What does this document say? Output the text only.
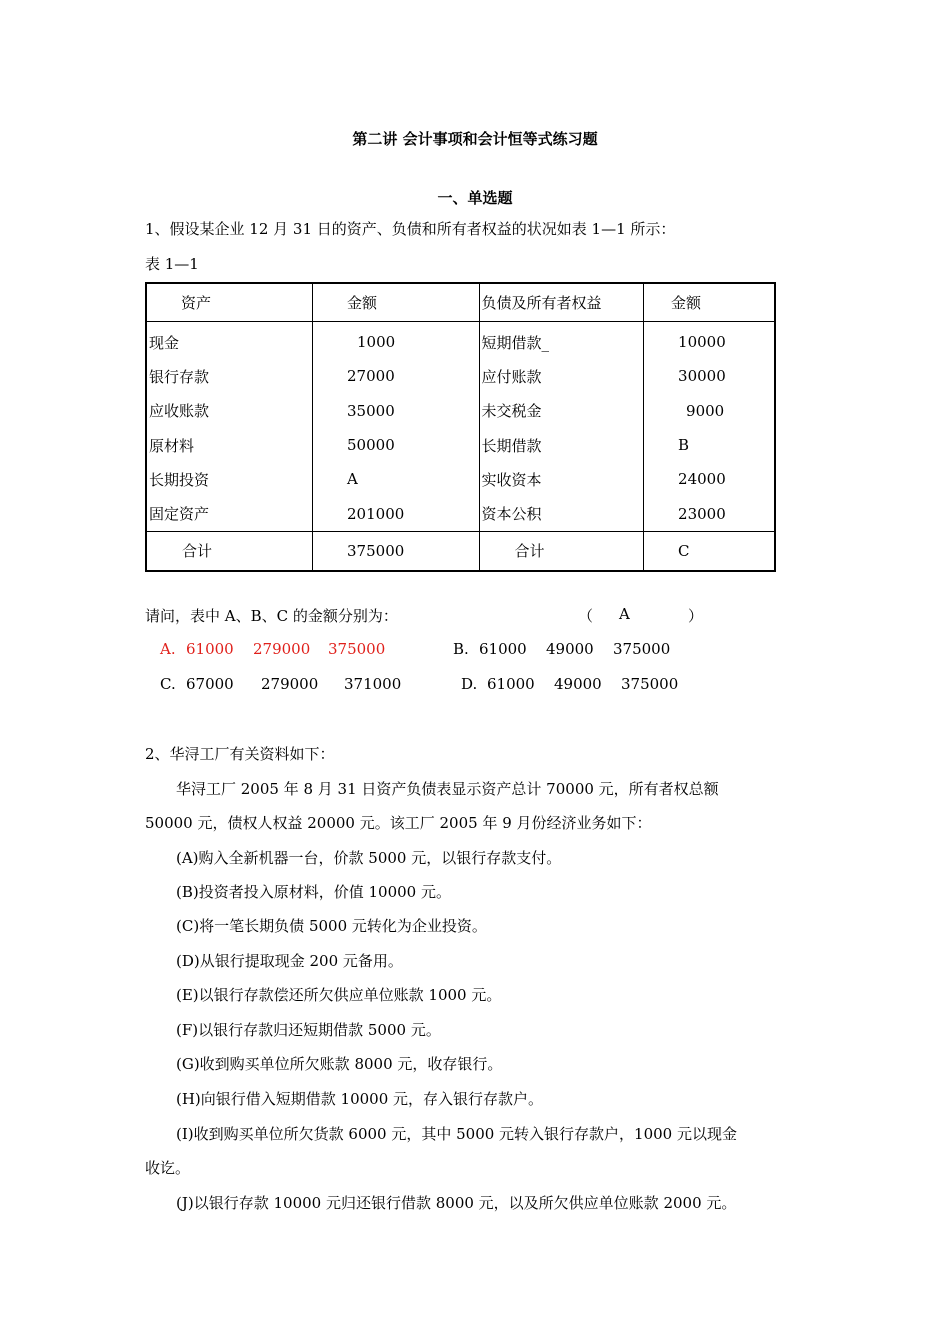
第二讲 会计事项和会计恒等式练习题
一、单选题
1、假设某企业 12 月 31 日的资产、负债和所有者权益的状况如表 1—1 所示：
表 1—1
资产	金额	负债及所有者权益	金额
现金	1000	短期借款_	10000
银行存款	27000	应付账款	30000
应收账款	35000	未交税金	9000
原材料	50000	长期借款	B
长期投资	A	实收资本	24000
固定资产	201000	资本公积	23000
合计	375000	合计	C
请问，表中 A、B、C 的金额分别为：	（ A	）
A. 61000 279000 375000	B. 61000 49000 375000
C. 67000 279000 371000	D. 61000 49000 375000
2、华浔工厂有关资料如下：
华浔工厂 2005 年 8 月 31 日资产负债表显示资产总计 70000 元，所有者权总额
50000 元，债权人权益 20000 元。该工厂 2005 年 9 月份经济业务如下：
(A)购入全新机器一台，价款 5000 元，以银行存款支付。
(B)投资者投入原材料，价值 10000 元。
(C)将一笔长期负债 5000 元转化为企业投资。
(D)从银行提取现金 200 元备用。
(E)以银行存款偿还所欠供应单位账款 1000 元。
(F)以银行存款归还短期借款 5000 元。
(G)收到购买单位所欠账款 8000 元，收存银行。
(H)向银行借入短期借款 10000 元，存入银行存款户。
(I)收到购买单位所欠货款 6000 元，其中 5000 元转入银行存款户，1000 元以现金
收讫。
(J)以银行存款 10000 元归还银行借款 8000 元，以及所欠供应单位账款 2000 元。
